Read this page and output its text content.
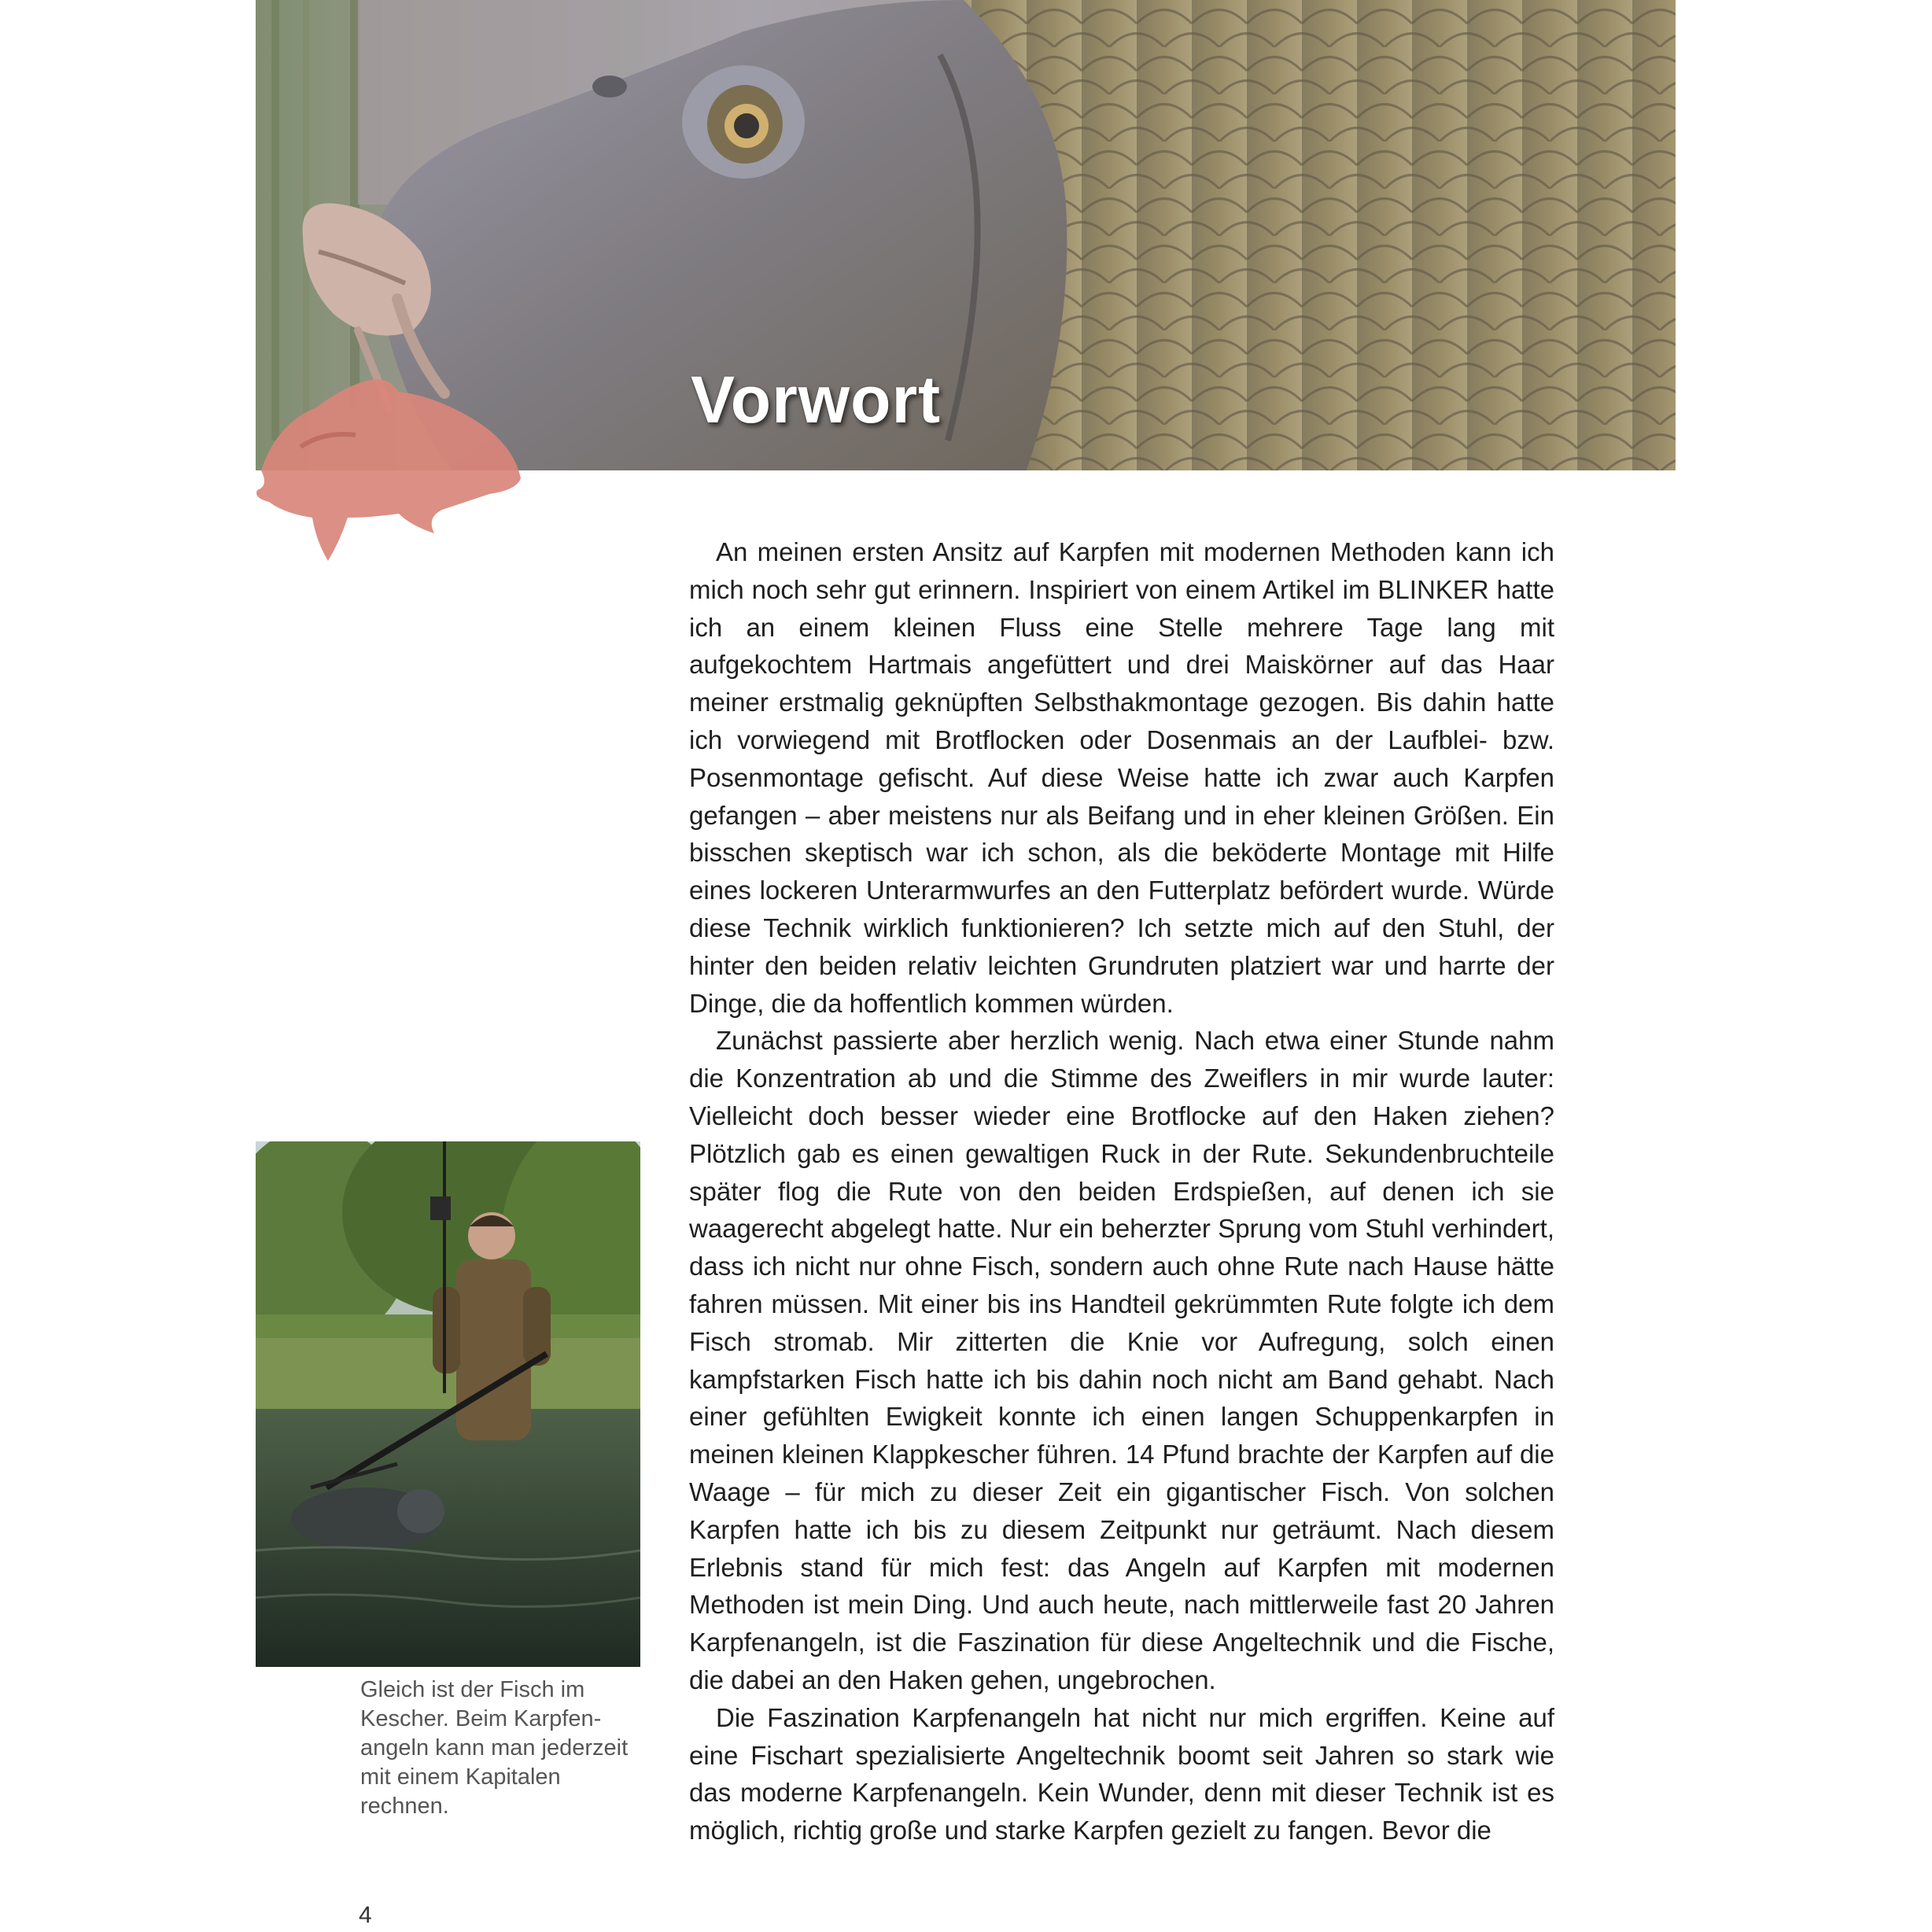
Vorwort

An meinen ersten Ansitz auf Karpfen mit modernen Methoden kann ich mich noch sehr gut erinnern. Inspiriert von einem Artikel im BLINKER hatte ich an einem kleinen Fluss eine Stelle mehrere Tage lang mit aufgekochtem Hartmais angefüttert und drei Maiskörner auf das Haar meiner erstmalig geknüpften Selbsthakmontage gezogen. Bis dahin hatte ich vorwiegend mit Brotflocken oder Dosenmais an der Laufblei- bzw. Posenmontage gefischt. Auf diese Weise hatte ich zwar auch Karpfen gefangen – aber meistens nur als Beifang und in eher kleinen Größen. Ein bisschen skeptisch war ich schon, als die beköderte Montage mit Hilfe eines lockeren Unterarmwurfes an den Futterplatz befördert wurde. Würde diese Technik wirklich funktionieren? Ich setzte mich auf den Stuhl, der hinter den beiden relativ leichten Grundruten platziert war und harrte der Dinge, die da hoffentlich kommen würden.

Zunächst passierte aber herzlich wenig. Nach etwa einer Stunde nahm die Konzentration ab und die Stimme des Zweiflers in mir wurde lauter: Vielleicht doch besser wieder eine Brotflocke auf den Haken ziehen? Plötzlich gab es einen gewaltigen Ruck in der Rute. Sekundenbruchteile später flog die Rute von den beiden Erdspießen, auf denen ich sie waagerecht abgelegt hatte. Nur ein beherzter Sprung vom Stuhl verhindert, dass ich nicht nur ohne Fisch, sondern auch ohne Rute nach Hause hätte fahren müssen. Mit einer bis ins Handteil gekrümmten Rute folgte ich dem Fisch stromab. Mir zitterten die Knie vor Aufregung, solch einen kampfstarken Fisch hatte ich bis dahin noch nicht am Band gehabt. Nach einer gefühlten Ewigkeit konnte ich einen langen Schuppenkarpfen in meinen kleinen Klappkescher führen. 14 Pfund brachte der Karpfen auf die Waage – für mich zu dieser Zeit ein gigantischer Fisch. Von solchen Karpfen hatte ich bis zu diesem Zeitpunkt nur geträumt. Nach diesem Erlebnis stand für mich fest: das Angeln auf Karpfen mit modernen Methoden ist mein Ding. Und auch heute, nach mittlerweile fast 20 Jahren Karpfenangeln, ist die Faszination für diese Angeltechnik und die Fische, die dabei an den Haken gehen, ungebrochen.

Die Faszination Karpfenangeln hat nicht nur mich ergriffen. Keine auf eine Fischart spezialisierte Angeltechnik boomt seit Jahren so stark wie das moderne Karpfenangeln. Kein Wunder, denn mit dieser Technik ist es möglich, richtig große und starke Karpfen gezielt zu fangen. Bevor die

Gleich ist der Fisch im Kescher. Beim Karpfenangeln kann man jederzeit mit einem Kapitalen rechnen.

4
